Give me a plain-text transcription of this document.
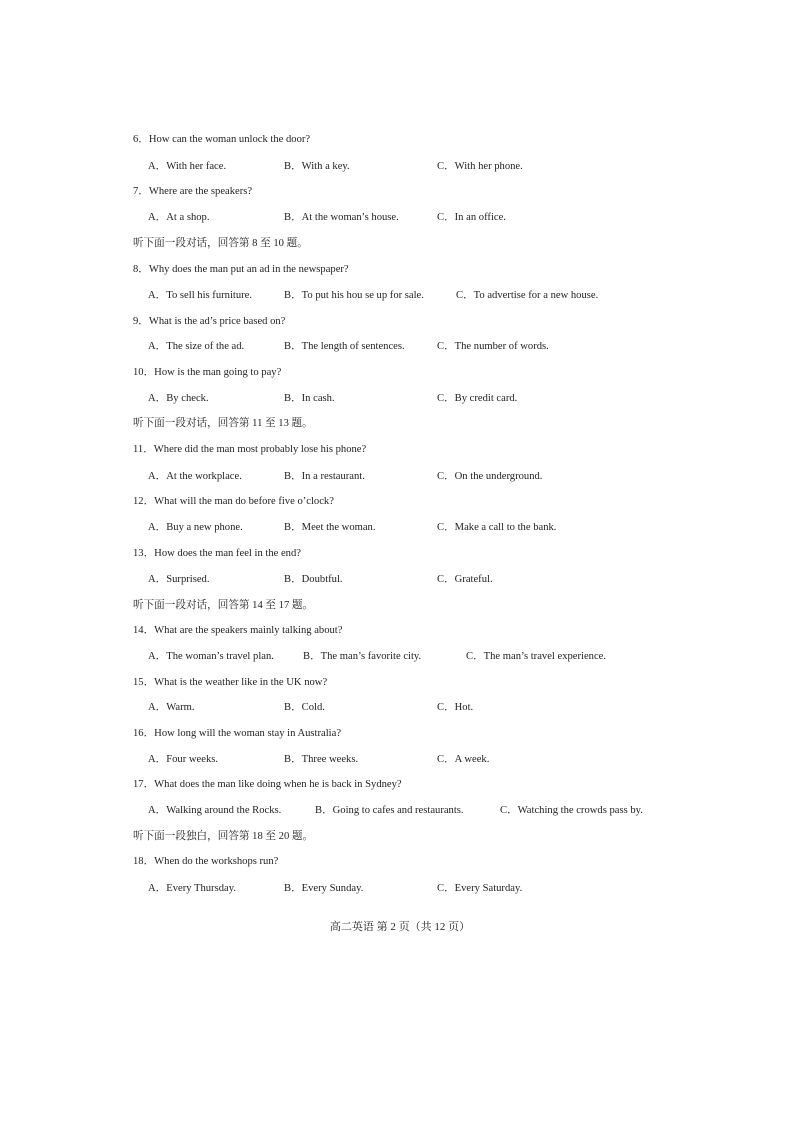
6．How can the woman unlock the door?
A．With her face.	B．With a key.	C．With her phone.
7．Where are the speakers?
A．At a shop.	B．At the woman’s house.	C．In an office.
听下面一段对话，回答第 8 至 10 题。
8．Why does the man put an ad in the newspaper?
A．To sell his furniture.	B．To put his hou se up for sale.	C．To advertise for a new house.
9．What is the ad’s price based on?
A．The size of the ad.	B．The length of sentences.	C．The number of words.
10．How is the man going to pay?
A．By check.	B．In cash.	C．By credit card.
听下面一段对话，回答第 11 至 13 题。
11．Where did the man most probably lose his phone?
A．At the workplace.	B．In a restaurant.	C．On the underground.
12．What will the man do before five o’clock?
A．Buy a new phone.	B．Meet the woman.	C．Make a call to the bank.
13．How does the man feel in the end?
A．Surprised.	B．Doubtful.	C．Grateful.
听下面一段对话，回答第 14 至 17 题。
14．What are the speakers mainly talking about?
A．The woman’s travel plan.	B．The man’s favorite city.	C．The man’s travel experience.
15．What is the weather like in the UK now?
A．Warm.	B．Cold.	C．Hot.
16．How long will the woman stay in Australia?
A．Four weeks.	B．Three weeks.	C．A week.
17．What does the man like doing when he is back in Sydney?
A．Walking around the Rocks.	B．Going to cafes and restaurants.	C．Watching the crowds pass by.
听下面一段独白，回答第 18 至 20 题。
18．When do the workshops run?
A．Every Thursday.	B．Every Sunday.	C．Every Saturday.
高二英语 第 2 页（共 12 页）
